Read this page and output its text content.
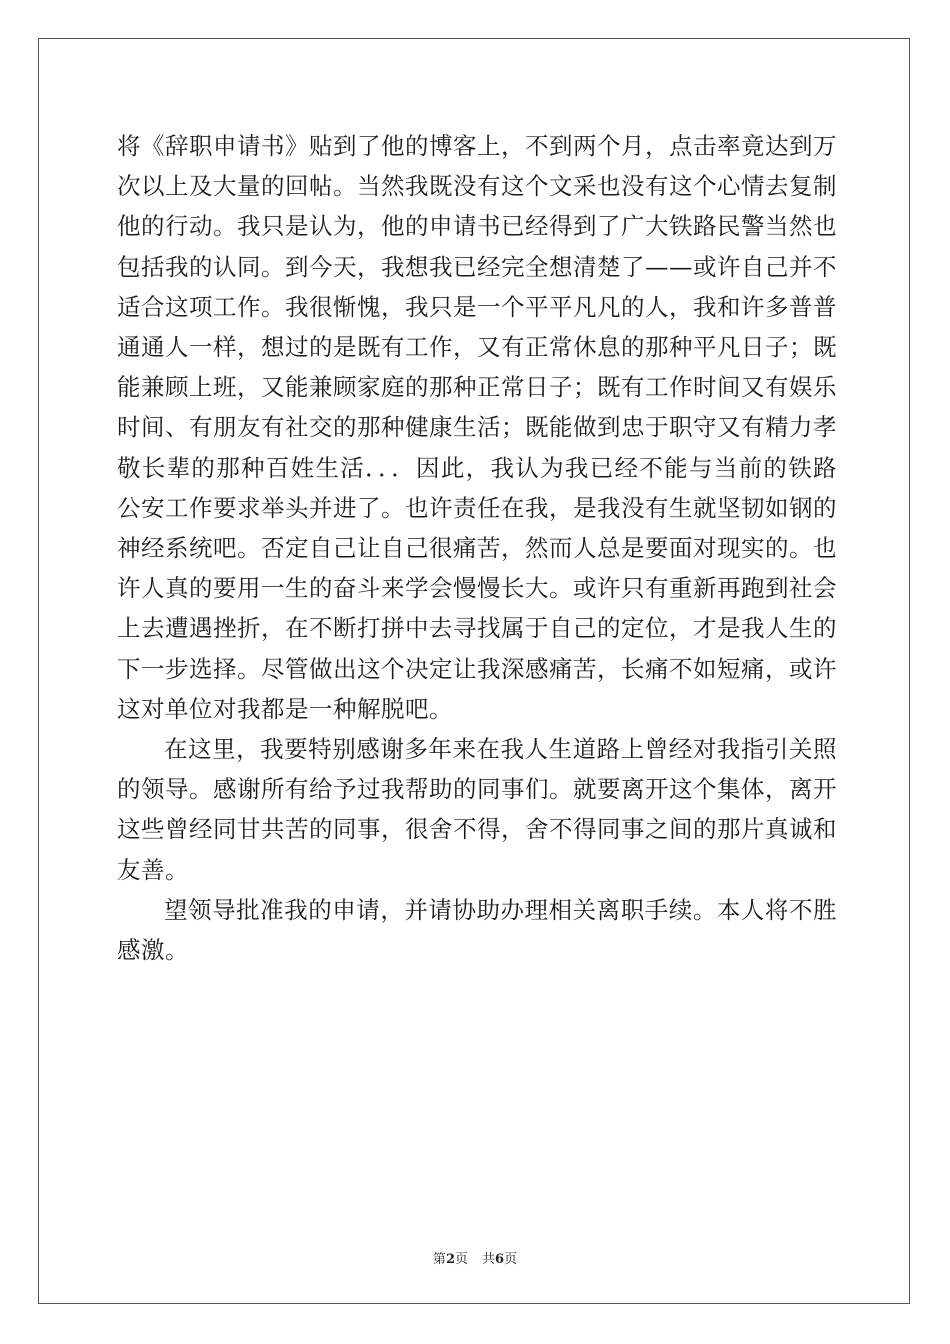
将《辞职申请书》贴到了他的博客上，不到两个月，点击率竟达到万次以上及大量的回帖。当然我既没有这个文采也没有这个心情去复制他的行动。我只是认为，他的申请书已经得到了广大铁路民警当然也包括我的认同。到今天，我想我已经完全想清楚了——或许自己并不适合这项工作。我很惭愧，我只是一个平平凡凡的人，我和许多普普通通人一样，想过的是既有工作，又有正常休息的那种平凡日子；既能兼顾上班，又能兼顾家庭的那种正常日子；既有工作时间又有娱乐时间、有朋友有社交的那种健康生活；既能做到忠于职守又有精力孝敬长辈的那种百姓生活．．．因此，我认为我已经不能与当前的铁路公安工作要求举头并进了。也许责任在我，是我没有生就坚韧如钢的神经系统吧。否定自己让自己很痛苦，然而人总是要面对现实的。也许人真的要用一生的奋斗来学会慢慢长大。或许只有重新再跑到社会上去遭遇挫折，在不断打拼中去寻找属于自己的定位，才是我人生的下一步选择。尽管做出这个决定让我深感痛苦，长痛不如短痛，或许这对单位对我都是一种解脱吧。

在这里，我要特别感谢多年来在我人生道路上曾经对我指引关照的领导。感谢所有给予过我帮助的同事们。就要离开这个集体，离开这些曾经同甘共苦的同事，很舍不得，舍不得同事之间的那片真诚和友善。

望领导批准我的申请，并请协助办理相关离职手续。本人将不胜感激。

第2页 共6页
